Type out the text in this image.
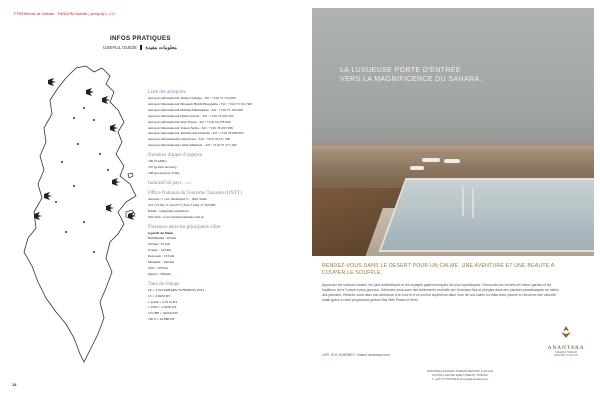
FTEEHemas de Voddsk · FANGOM Voddsk | ymdp ∆|-l—l·l·l
INFOS PRATIQUES
USEFUL GUIDE معلومات مفيدة
Liste des aéroports
Aéroport International Tunis Carthage - Tél : +216 71 754 000
Aéroport International Monastir Habib Bourguiba - Tél : +216 73 521 300
Aéroport International Enfidha Hammamet - Tél : +216 73 103 000
Aéroport International Djerba Zarzis - Tél : +216 75 650 233
Aéroport International Sfax Thyna - Tél : +216 74 278 000
Aéroport International Tozeur Nefta - Tél : +216 76 453 388
Aéroport International Tabarka Ain Draham - Tél : +216 78 680 005
Aéroport International Gafsa Ksar - Tél : +216 76 217 700
Aéroport International Gabès Matmata - Tél : +216 75 271 320
Numéros d'appel d'urgence
190 (SAMU)
197 (police secours)
198 (protection civile)
Indicatif du pays : +216
Office National du Tourisme Tunisien (ONTT)
Adresse : 1, Av. Mohamed V - 1001 Tunis
Tél. (+216) 71.341.077 ( Fax (+216) 71.350.997
Email : ontt@ontt.tourism.tn
Site Web : www.tunisietourisme.com.tn
Distances entre les principales villes
à partir de Tunis
Hammamet : 63 km
Nabeul : 67 km
Sousse : 143 km
Kairouan : 153 km
Monastir : 160 km
Sfax : 270 km
Djerba : 506 km
Taux de change
1€ = 3,312 DINARS TUNISIENS (DT)
1£ = 2,8250 DT
1 yen/$ = 2,2514 DT
1 USD = 2,9250 DT
10 CHF = 30.844 DT
100 ¥ = 24.880 DT
14
LA LUXUEUSE PORTE D'ENTRÉE
VERS LA MAGNIFICENCE DU SAHARA.
RENDEZ-VOUS DANS LE DESERT POUR UN CALME, UNE AVENTURE ET UNE BEAUTE A COUPER LE SOUFFLE.
Appréciez les saveurs locales, les plus authentiques et les voyages gastronomiques les plus sophistiqués. Découvrez les secrets les mieux gardés et les traditions de la Tunisie à plus gourous. Détendez-vous avec des traitements exclusifs de l'Anantara Spa et plongez dans des piscines paradisiaques au milieu des palmiers. Relaxez-vous dans une ambiance d'un luxe et d'un confort supérieurs dans l'une de nos suites ou villas avec piscine et retrouvez une sécurité totale grâce à notre programme global Stay With Peace of Mind.
LIFE IS A JOURNEY. Visitez anantara.com
ANANTARA
SAHARA TOZEUR
RESORT & VILLAS
ANANTARA SAHARA TOZEUR RESORT & VILLAS
ROUTE LAHYAM 2200 TOZEUR, TUNISIA
T +216 76 150 600 E tozeur@anantara.com
